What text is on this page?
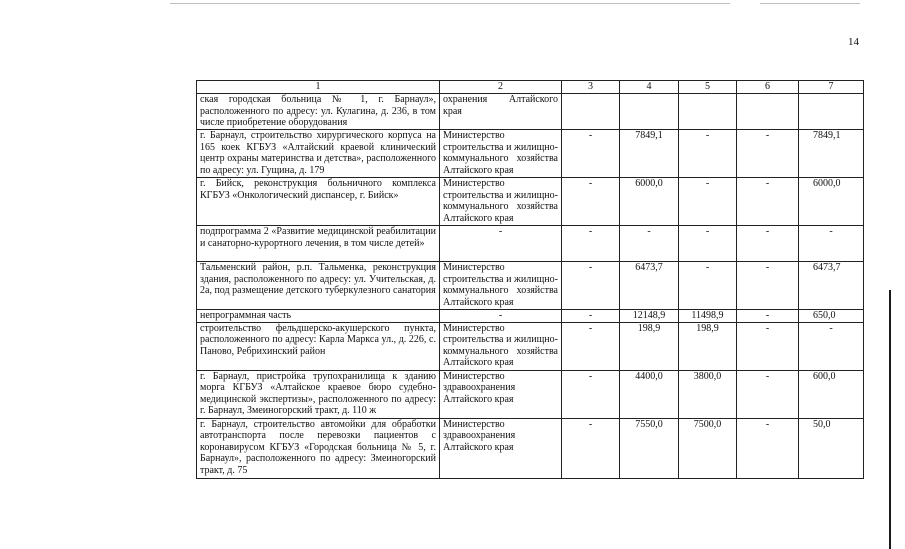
14
1	2	3	4	5	6	7
ская городская больница № 1, г. Барнаул», расположенного по адресу: ул. Кулагина, д. 236, в том числе приобретение оборудования	охранения Алтайского края					
г. Барнаул, строительство хирургического корпуса на 165 коек КГБУЗ «Алтайский краевой клинический центр охраны материнства и детства», расположенного по адресу: ул. Гущина, д. 179	Министерство строительства и жилищно-коммунального хозяйства Алтайского края	-	7849,1	-	-	7849,1
г. Бийск, реконструкция больничного комплекса КГБУЗ «Онкологический диспансер, г. Бийск»	Министерство строительства и жилищно-коммунального хозяйства Алтайского края	-	6000,0	-	-	6000,0
подпрограмма 2 «Развитие медицинской реабилитации и санаторно-курортного лечения, в том числе детей»	-	-	-	-	-	-
Тальменский район, р.п. Тальменка, реконструкция здания, расположенного по адресу: ул. Учительская, д. 2а, под размещение детского туберкулезного санатория	Министерство строительства и жилищно-коммунального хозяйства Алтайского края	-	6473,7	-	-	6473,7
непрограммная часть	-	-	12148,9	11498,9	-	650,0
строительство фельдшерско-акушерского пункта, расположенного по адресу: Карла Маркса ул., д. 226, с. Паново, Ребрихинский район	Министерство строительства и жилищно-коммунального хозяйства Алтайского края	-	198,9	198,9	-	-
г. Барнаул, пристройка трупохранилища к зданию морга КГБУЗ «Алтайское краевое бюро судебно-медицинской экспертизы», расположенного по адресу: г. Барнаул, Змеиногорский тракт, д. 110 ж	Министерство здравоохранения Алтайского края	-	4400,0	3800,0	-	600,0
г. Барнаул, строительство автомойки для обработки автотранспорта после перевозки пациентов с коронавирусом КГБУЗ «Городская больница № 5, г. Барнаул», расположенного по адресу: Змеиногорский тракт, д. 75	Министерство здравоохранения Алтайского края	-	7550,0	7500,0	-	50,0
